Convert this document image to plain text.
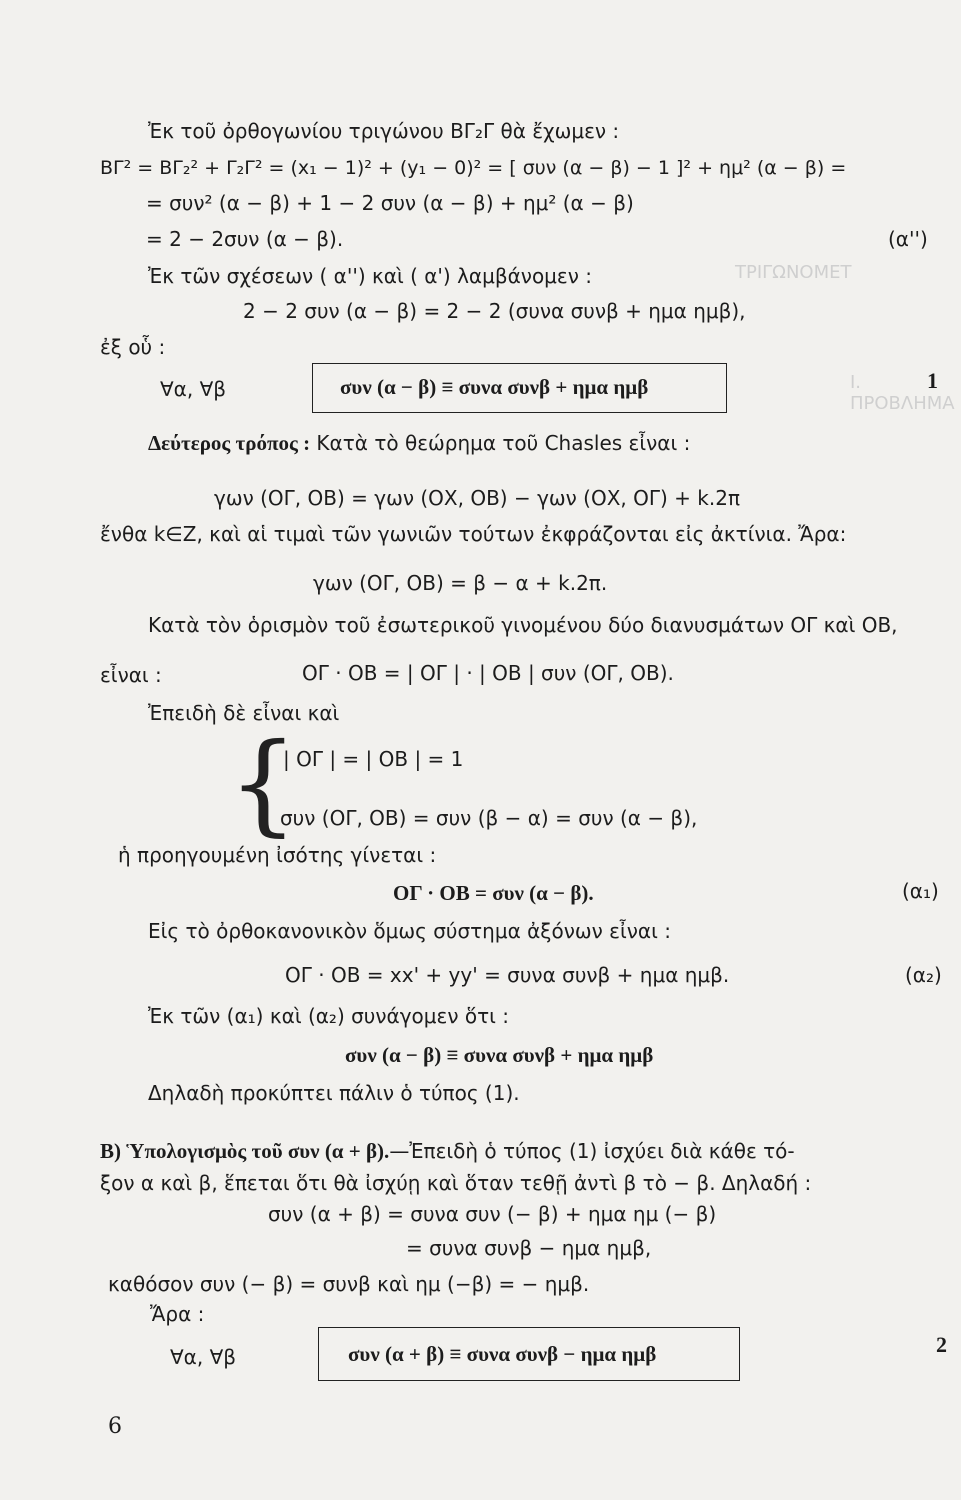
ΤΡΙΓΩΝΟΜΕΤ
Ι. ΠΡΟΒΛΗΜΑ
Ἐκ τοῦ ὀρθογωνίου τριγώνου ΒΓ₂Γ θὰ ἔχωμεν :
ΒΓ² = ΒΓ₂² + Γ₂Γ² = (x₁ − 1)² + (y₁ − 0)² = [ συν (α − β) − 1 ]² + ημ² (α − β) =
= συν² (α − β) + 1 − 2 συν (α − β) + ημ² (α − β)
= 2 − 2συν (α − β).	(α'')
Ἐκ τῶν σχέσεων ( α'') καὶ ( α') λαμβάνομεν :
2 − 2 συν (α − β) = 2 − 2 (συνα συνβ + ημα ημβ),
ἐξ οὗ :
∀α, ∀β	συν (α − β) ≡ συνα συνβ + ημα ημβ	1
Δεύτερος τρόπος : Κατὰ τὸ θεώρημα τοῦ Chasles εἶναι :
γων (ΟΓ, ΟΒ) = γων (ΟΧ, ΟΒ) − γων (ΟΧ, ΟΓ) + k.2π
ἔνθα k∈Ζ, καὶ αἱ τιμαὶ τῶν γωνιῶν τούτων ἐκφράζονται εἰς ἀκτίνια. Ἄρα:
γων (ΟΓ, ΟΒ) = β − α + k.2π.
Κατὰ τὸν ὁρισμὸν τοῦ ἐσωτερικοῦ γινομένου δύο διανυσμάτων ΟΓ καὶ ΟΒ,
εἶναι :	ΟΓ · ΟΒ = | ΟΓ | · | ΟΒ | συν (ΟΓ, ΟΒ).
Ἐπειδὴ δὲ εἶναι καὶ
{
| ΟΓ | = | ΟΒ | = 1
συν (ΟΓ, ΟΒ) = συν (β − α) = συν (α − β),
ἡ προηγουμένη ἰσότης γίνεται :
ΟΓ · ΟΒ = συν (α − β).	(α₁)
Εἰς τὸ ὀρθοκανονικὸν ὅμως σύστημα ἀξόνων εἶναι :
ΟΓ · ΟΒ = xx' + yy' = συνα συνβ + ημα ημβ.	(α₂)
Ἐκ τῶν (α₁) καὶ (α₂) συνάγομεν ὅτι :
συν (α − β) ≡ συνα συνβ + ημα ημβ
Δηλαδὴ προκύπτει πάλιν ὁ τύπος (1).
Β) Ὑπολογισμὸς τοῦ συν (α + β).—Ἐπειδὴ ὁ τύπος (1) ἰσχύει διὰ κάθε τό-
ξον α καὶ β, ἕπεται ὅτι θὰ ἰσχύῃ καὶ ὅταν τεθῇ ἀντὶ β τὸ − β. Δηλαδή :
συν (α + β) = συνα συν (− β) + ημα ημ (− β)
= συνα συνβ − ημα ημβ,
καθόσον συν (− β) = συνβ καὶ ημ (−β) = − ημβ.
Ἄρα :
∀α, ∀β	συν (α + β) ≡ συνα συνβ − ημα ημβ	2
6
